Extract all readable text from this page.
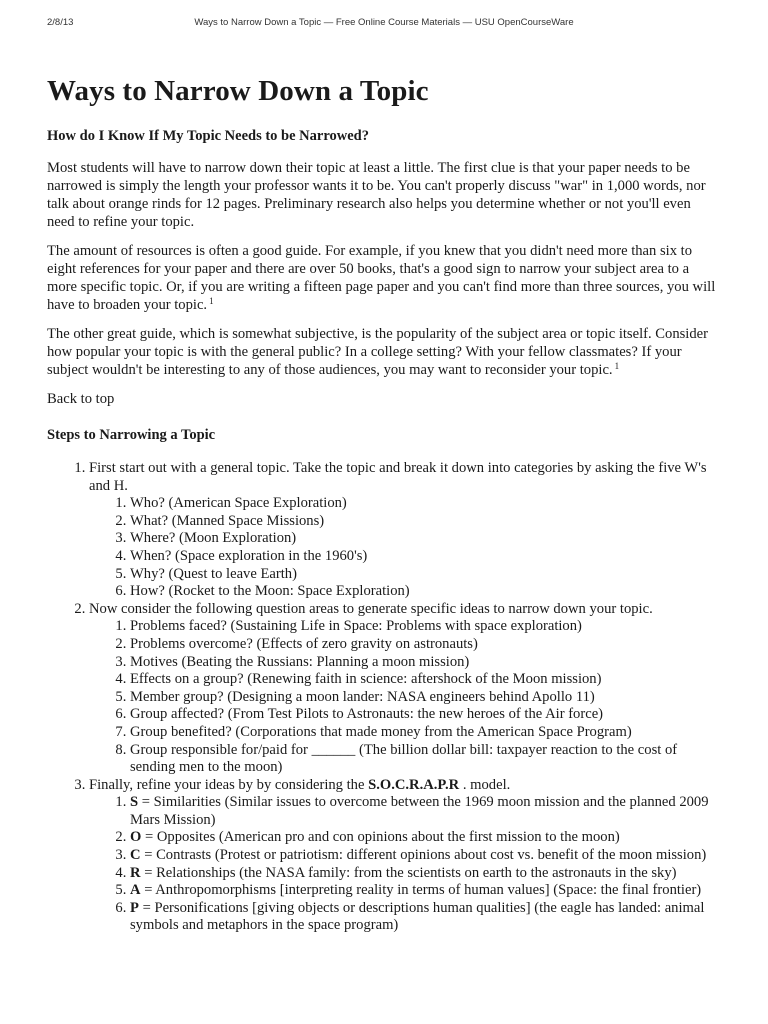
2/8/13	Ways to Narrow Down a Topic — Free Online Course Materials — USU OpenCourseWare
Ways to Narrow Down a Topic
How do I Know If My Topic Needs to be Narrowed?

Most students will have to narrow down their topic at least a little. The first clue is that your paper needs to be narrowed is simply the length your professor wants it to be. You can't properly discuss "war" in 1,000 words, nor talk about orange rinds for 12 pages. Preliminary research also helps you determine whether or not you'll even need to refine your topic.

The amount of resources is often a good guide. For example, if you knew that you didn't need more than six to eight references for your paper and there are over 50 books, that's a good sign to narrow your subject area to a more specific topic. Or, if you are writing a fifteen page paper and you can't find more than three sources, you will have to broaden your topic. $^1$

The other great guide, which is somewhat subjective, is the popularity of the subject area or topic itself. Consider how popular your topic is with the general public? In a college setting? With your fellow classmates? If your subject wouldn't be interesting to any of those audiences, you may want to reconsider your topic. $^1$

Back to top
Steps to Narrowing a Topic
1. First start out with a general topic. Take the topic and break it down into categories by asking the five W's and H.
1. Who? (American Space Exploration)
2. What? (Manned Space Missions)
3. Where? (Moon Exploration)
4. When? (Space exploration in the 1960's)
5. Why? (Quest to leave Earth)
6. How? (Rocket to the Moon: Space Exploration)
2. Now consider the following question areas to generate specific ideas to narrow down your topic.
1. Problems faced? (Sustaining Life in Space: Problems with space exploration)
2. Problems overcome? (Effects of zero gravity on astronauts)
3. Motives (Beating the Russians: Planning a moon mission)
4. Effects on a group? (Renewing faith in science: aftershock of the Moon mission)
5. Member group? (Designing a moon lander: NASA engineers behind Apollo 11)
6. Group affected? (From Test Pilots to Astronauts: the new heroes of the Air force)
7. Group benefited? (Corporations that made money from the American Space Program)
8. Group responsible for/paid for ______ (The billion dollar bill: taxpayer reaction to the cost of sending men to the moon)
3. Finally, refine your ideas by by considering the S.O.C.R.A.P.R . model.
1. S = Similarities (Similar issues to overcome between the 1969 moon mission and the planned 2009 Mars Mission)
2. O = Opposites (American pro and con opinions about the first mission to the moon)
3. C = Contrasts (Protest or patriotism: different opinions about cost vs. benefit of the moon mission)
4. R = Relationships (the NASA family: from the scientists on earth to the astronauts in the sky)
5. A = Anthropomorphisms [interpreting reality in terms of human values] (Space: the final frontier)
6. P = Personifications [giving objects or descriptions human qualities] (the eagle has landed: animal symbols and metaphors in the space program)
